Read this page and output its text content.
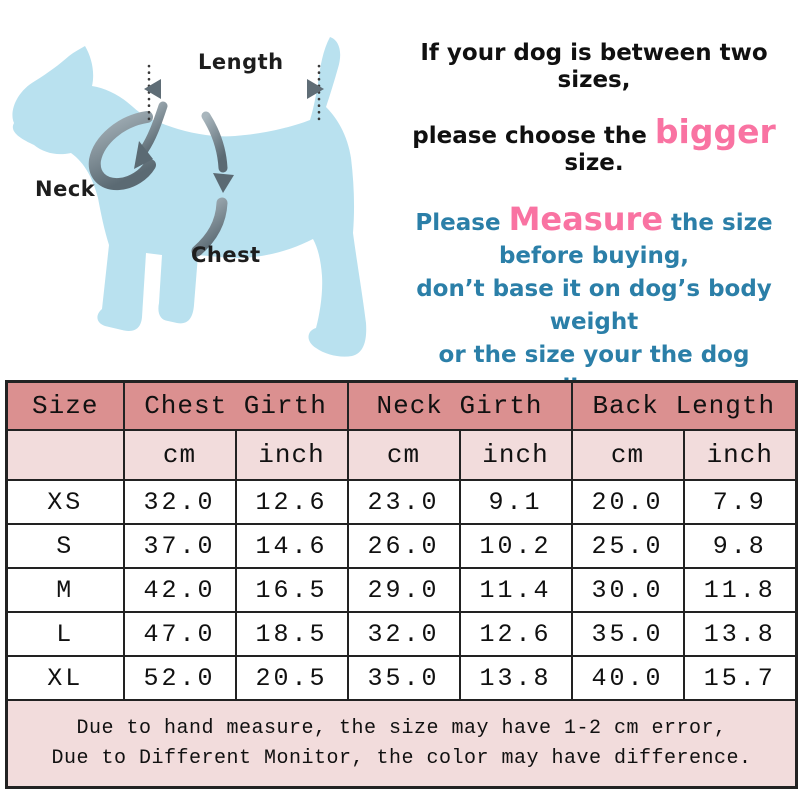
Length
Neck
Chest
If your dog is between two sizes,
please choose the bigger size.
Please Measure the size
before buying,
don’t base it on dog’s body weight
or the size your the dog
Size	Chest Girth		Neck Girth		Back Length	
	cm	inch	cm	inch	cm	inch
XS	32.0	12.6	23.0	9.1	20.0	7.9
S	37.0	14.6	26.0	10.2	25.0	9.8
M	42.0	16.5	29.0	11.4	30.0	11.8
L	47.0	18.5	32.0	12.6	35.0	13.8
XL	52.0	20.5	35.0	13.8	40.0	15.7

Due to hand measure, the size may have 1-2 cm error,
Due to Different Monitor, the color may have difference.						
